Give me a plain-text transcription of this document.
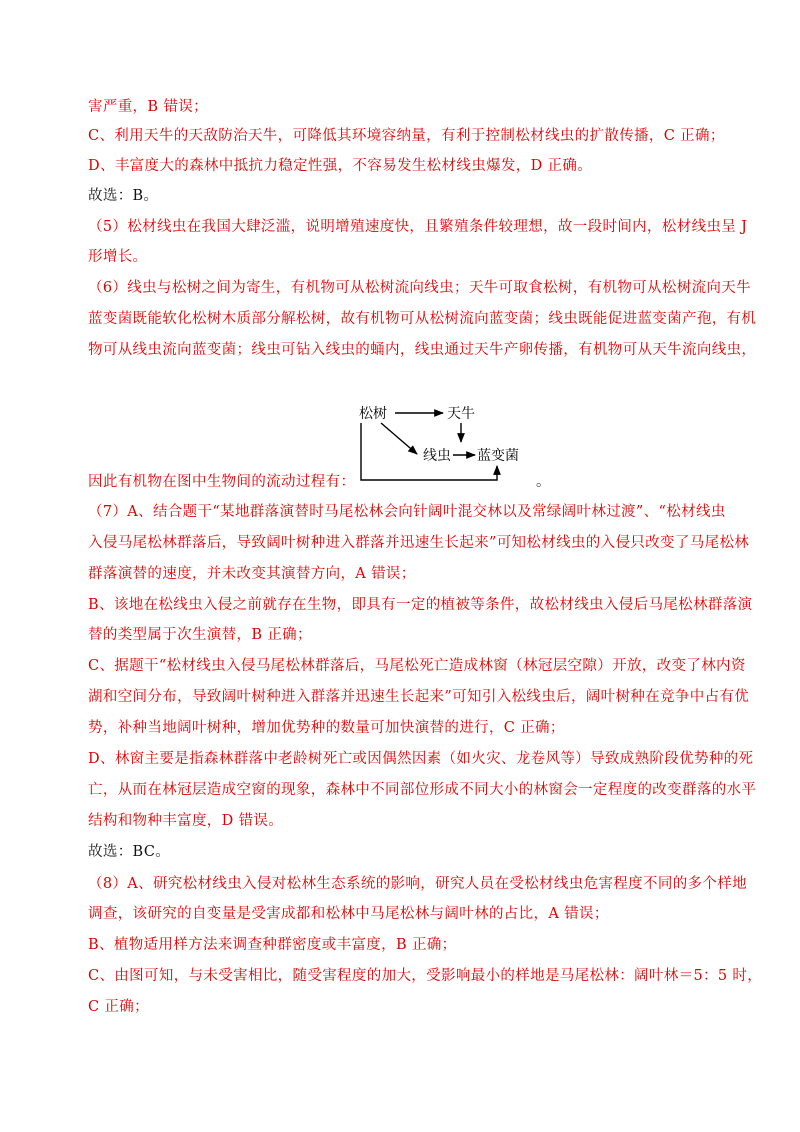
害严重，B 错误；
C、利用天牛的天敌防治天牛，可降低其环境容纳量，有利于控制松材线虫的扩散传播，C 正确；
D、丰富度大的森林中抵抗力稳定性强，不容易发生松材线虫爆发，D 正确。
故选：B。
（5）松材线虫在我国大肆泛滥，说明增殖速度快，且繁殖条件较理想，故一段时间内，松材线虫呈 J
形增长。
（6）线虫与松树之间为寄生，有机物可从松树流向线虫；天牛可取食松树，有机物可从松树流向天牛
蓝变菌既能软化松树木质部分解松树，故有机物可从松树流向蓝变菌；线虫既能促进蓝变菌产孢，有机
物可从线虫流向蓝变菌；线虫可钻入线虫的蛹内，线虫通过天牛产卵传播，有机物可从天牛流向线虫，
因此有机物在图中生物间的流动过程有：
（7）A、结合题干“某地群落演替时马尾松林会向针阔叶混交林以及常绿阔叶林过渡”、“松材线虫
入侵马尾松林群落后，导致阔叶树种进入群落并迅速生长起来”可知松材线虫的入侵只改变了马尾松林
群落演替的速度，并未改变其演替方向，A 错误；
B、该地在松线虫入侵之前就存在生物，即具有一定的植被等条件，故松材线虫入侵后马尾松林群落演
替的类型属于次生演替，B 正确；
C、据题干“松材线虫入侵马尾松林群落后，马尾松死亡造成林窗（林冠层空隙）开放，改变了林内资
湖和空间分布，导致阔叶树种进入群落并迅速生长起来”可知引入松线虫后，阔叶树种在竞争中占有优
势，补种当地阔叶树种，增加优势种的数量可加快演替的进行，C 正确；
D、林窗主要是指森林群落中老龄树死亡或因偶然因素（如火灾、龙卷风等）导致成熟阶段优势种的死
亡，从而在林冠层造成空窗的现象，森林中不同部位形成不同大小的林窗会一定程度的改变群落的水平
结构和物种丰富度，D 错误。
故选：BC。
（8）A、研究松材线虫入侵对松林生态系统的影响，研究人员在受松材线虫危害程度不同的多个样地
调查，该研究的自变量是受害成都和松林中马尾松林与阔叶林的占比，A 错误；
B、植物适用样方法来调查种群密度或丰富度，B 正确；
C、由图可知，与未受害相比，随受害程度的加大，受影响最小的样地是马尾松林：阔叶林＝5：5 时，
C 正确；
松树	天牛
线虫 蓝变菌
。
